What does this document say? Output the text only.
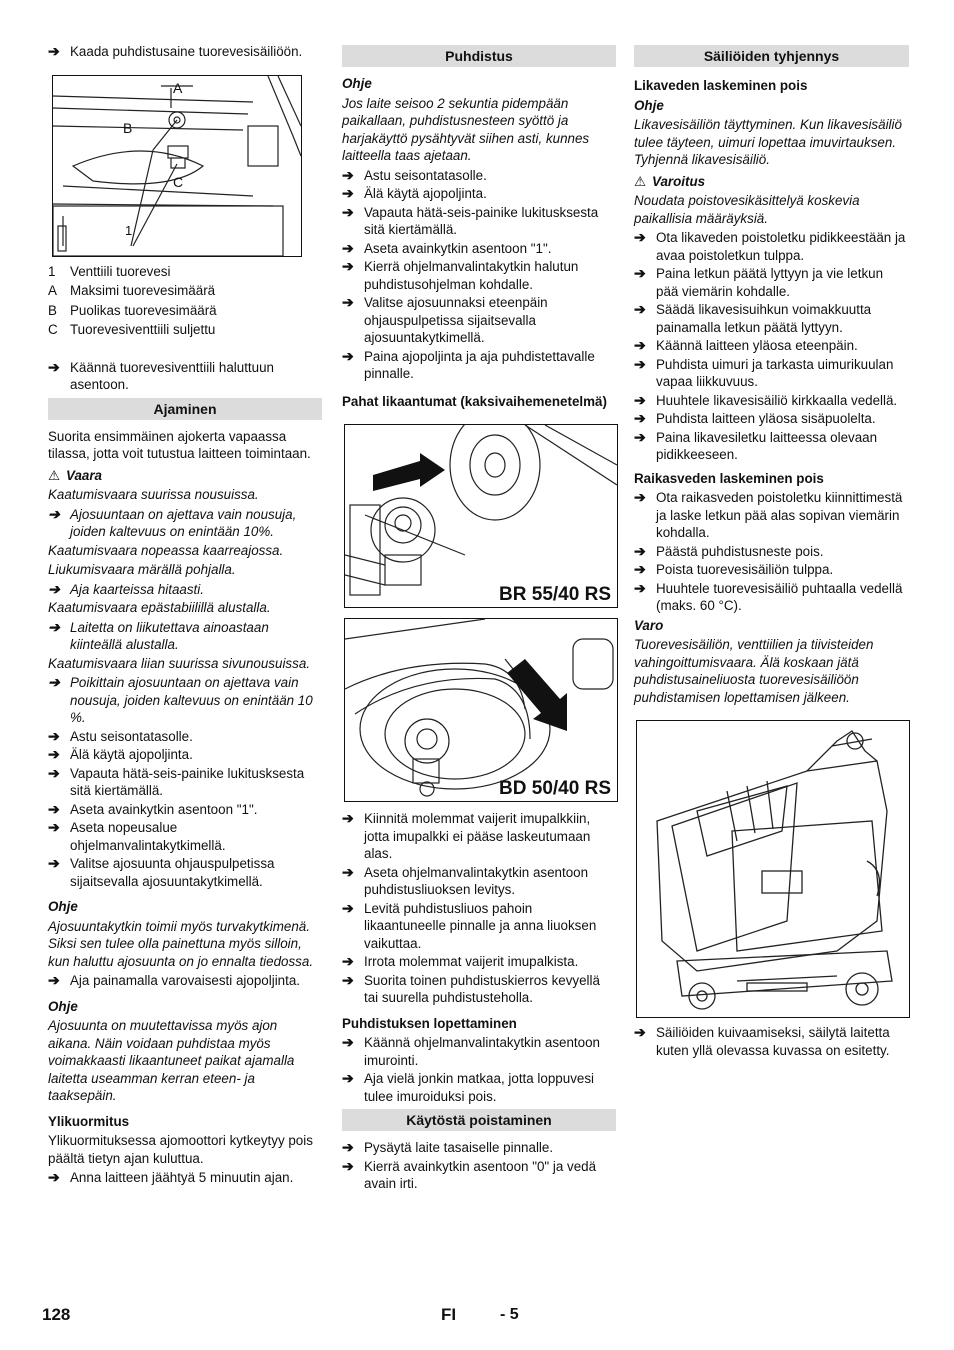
➔ Kaada puhdistusaine tuorevesisäiliöön.
A
B
C
1
1	Venttiili tuorevesi
A Maksimi tuorevesimäärä
B Puolikas tuorevesimäärä
C Tuorevesiventtiili suljettu
➔ Käännä tuorevesiventtiili haluttuun asentoon.
Ajaminen
Suorita ensimmäinen ajokerta vapaassa tilassa, jotta voit tutustua laitteen toimintaan.
⚠ Vaara
Kaatumisvaara suurissa nousuissa.
➔ Ajosuuntaan on ajettava vain nousuja, joiden kaltevuus on enintään 10%.
Kaatumisvaara nopeassa kaarreajossa.
Liukumisvaara märällä pohjalla.
➔ Aja kaarteissa hitaasti.
Kaatumisvaara epästabiilillä alustalla.
➔ Laitetta on liikutettava ainoastaan kiinteällä alustalla.
Kaatumisvaara liian suurissa sivunousuissa.
➔ Poikittain ajosuuntaan on ajettava vain nousuja, joiden kaltevuus on enintään 10 %.
➔ Astu seisontatasolle.
➔ Älä käytä ajopoljinta.
➔ Vapauta hätä-seis-painike lukitusksesta sitä kiertämällä.
➔ Aseta avainkytkin asentoon "1".
➔ Aseta nopeusalue ohjelmanvalintakytkimellä.
➔ Valitse ajosuunta ohjauspulpetissa sijaitsevalla ajosuuntakytkimellä.
Ohje
Ajosuuntakytkin toimii myös turvakytkimenä. Siksi sen tulee olla painettuna myös silloin, kun haluttu ajosuunta on jo ennalta tiedossa.
➔ Aja painamalla varovaisesti ajopoljinta.
Ohje
Ajosuunta on muutettavissa myös ajon aikana. Näin voidaan puhdistaa myös voimakkaasti likaantuneet paikat ajamalla laitetta useamman kerran eteen- ja taaksepäin.
Ylikuormitus
Ylikuormituksessa ajomoottori kytkeytyy pois päältä tietyn ajan kuluttua.
➔ Anna laitteen jäähtyä 5 minuutin ajan.
Puhdistus
Ohje
Jos laite seisoo 2 sekuntia pidempään paikallaan, puhdistusnesteen syöttö ja harjakäyttö pysähtyvät siihen asti, kunnes laitteella taas ajetaan.
➔ Astu seisontatasolle.
➔ Älä käytä ajopoljinta.
➔ Vapauta hätä-seis-painike lukitusksesta sitä kiertämällä.
➔ Aseta avainkytkin asentoon "1".
➔ Kierrä ohjelmanvalintakytkin halutun puhdistusohjelman kohdalle.
➔ Valitse ajosuunnaksi eteenpäin ohjauspulpetissa sijaitsevalla ajosuuntakytkimellä.
➔ Paina ajopoljinta ja aja puhdistettavalle pinnalle.
Pahat likaantumat (kaksivaihemenetelmä)
BR 55/40 RS
BD 50/40 RS
➔ Kiinnitä molemmat vaijerit imupalkkiin, jotta imupalkki ei pääse laskeutumaan alas.
➔ Aseta ohjelmanvalintakytkin asentoon puhdistusliuoksen levitys.
➔ Levitä puhdistusliuos pahoin likaantuneelle pinnalle ja anna liuoksen vaikuttaa.
➔ Irrota molemmat vaijerit imupalkista.
➔ Suorita toinen puhdistuskierros kevyellä tai suurella puhdistusteholla.
Puhdistuksen lopettaminen
➔ Käännä ohjelmanvalintakytkin asentoon imurointi.
➔ Aja vielä jonkin matkaa, jotta loppuvesi tulee imuroiduksi pois.
Käytöstä poistaminen
➔ Pysäytä laite tasaiselle pinnalle.
➔ Kierrä avainkytkin asentoon "0" ja vedä avain irti.
Säiliöiden tyhjennys
Likaveden laskeminen pois
Ohje
Likavesisäiliön täyttyminen. Kun likavesisäiliö tulee täyteen, uimuri lopettaa imuvirtauksen. Tyhjennä likavesisäiliö.
⚠ Varoitus
Noudata poistovesikäsittelyä koskevia paikallisia määräyksiä.
➔ Ota likaveden poistoletku pidikkeestään ja avaa poistoletkun tulppa.
➔ Paina letkun päätä lyttyyn ja vie letkun pää viemärin kohdalle.
➔ Säädä likavesisuihkun voimakkuutta painamalla letkun päätä lyttyyn.
➔ Käännä laitteen yläosa eteenpäin.
➔ Puhdista uimuri ja tarkasta uimurikuulan vapaa liikkuvuus.
➔ Huuhtele likavesisäiliö kirkkaalla vedellä.
➔ Puhdista laitteen yläosa sisäpuolelta.
➔ Paina likavesiletku laitteessa olevaan pidikkeeseen.
Raikasveden laskeminen pois
➔ Ota raikasveden poistoletku kiinnittimestä ja laske letkun pää alas sopivan viemärin kohdalla.
➔ Päästä puhdistusneste pois.
➔ Poista tuorevesisäiliön tulppa.
➔ Huuhtele tuorevesisäiliö puhtaalla vedellä (maks. 60 °C).
Varo
Tuorevesisäiliön, venttiilien ja tiivisteiden vahingoittumisvaara. Älä koskaan jätä puhdistusaineliuosta tuorevesisäiliöön puhdistamisen lopettamisen jälkeen.
➔ Säiliöiden kuivaamiseksi, säilytä laitetta kuten yllä olevassa kuvassa on esitetty.
128	FI	- 5
